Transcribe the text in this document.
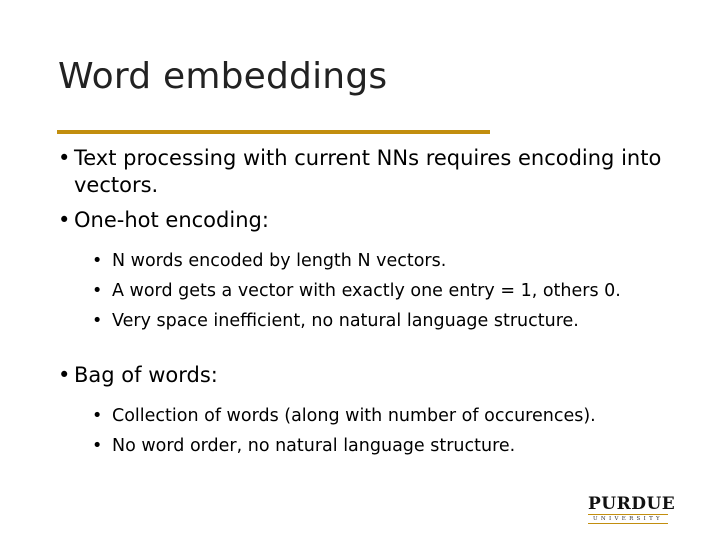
Word embeddings
• Text processing with current NNs requires encoding into vectors.
• One-hot encoding:
• N words encoded by length N vectors.
• A word gets a vector with exactly one entry = 1, others 0.
• Very space inefficient, no natural language structure.
• Bag of words:
• Collection of words (along with number of occurences).
• No word order, no natural language structure.
PURDUE
UNIVERSITY
